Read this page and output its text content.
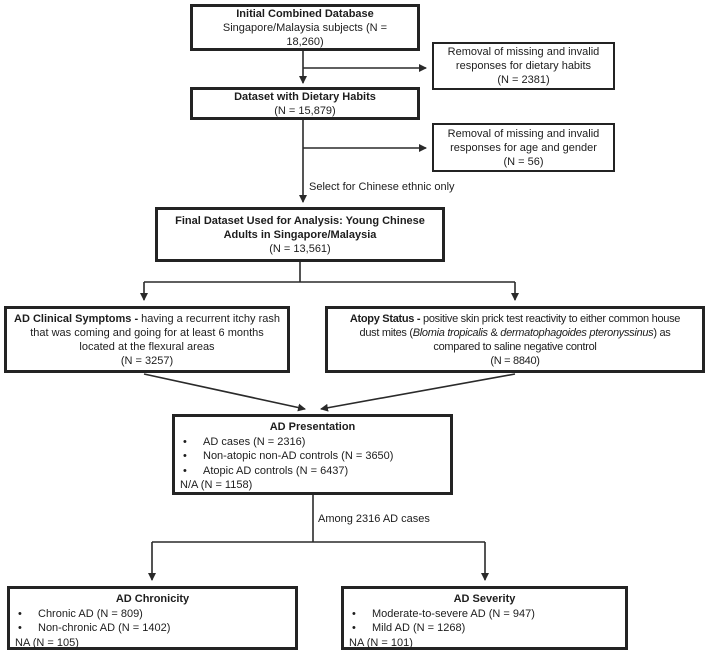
Initial Combined Database
Singapore/Malaysia subjects (N =
18,260)
Removal of missing and invalid
responses for dietary habits
(N = 2381)
Dataset with Dietary Habits
(N = 15,879)
Removal of missing and invalid
responses for age and gender
(N = 56)
Select for Chinese ethnic only
Final Dataset Used for Analysis: Young Chinese
Adults in Singapore/Malaysia
(N = 13,561)
AD Clinical Symptoms - having a recurrent itchy rash
that was coming and going for at least 6 months
located at the flexural areas
(N = 3257)
Atopy Status - positive skin prick test reactivity to either common house
dust mites (Blomia tropicalis & dermatophagoides pteronyssinus) as
compared to saline negative control
(N = 8840)
AD Presentation
•	AD cases (N = 2316)
•	Non-atopic non-AD controls (N = 3650)
•	Atopic AD controls (N = 6437)
N/A (N = 1158)
Among 2316 AD cases
AD Chronicity
•	Chronic AD (N = 809)
•	Non-chronic AD (N = 1402)
NA (N = 105)
AD Severity
•	Moderate-to-severe AD (N = 947)
•	Mild AD (N = 1268)
NA (N = 101)
